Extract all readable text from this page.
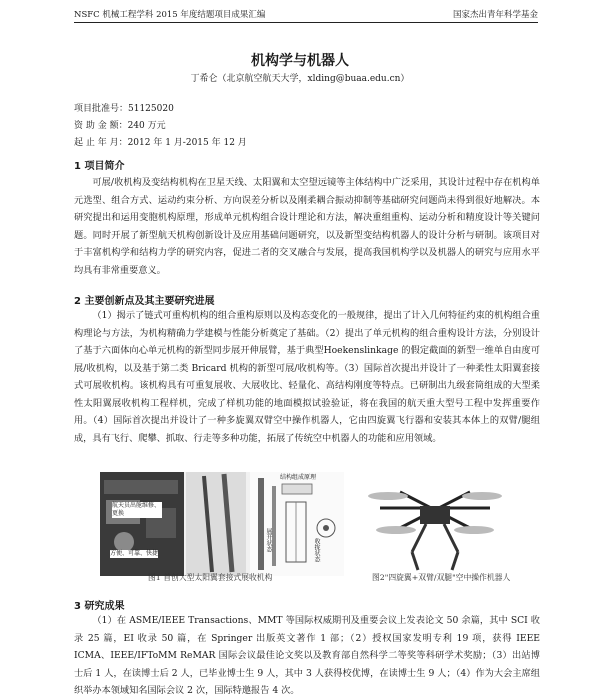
NSFC 机械工程学科 2015 年度结题项目成果汇编	国家杰出青年科学基金
机构学与机器人
丁希仑（北京航空航天大学，xlding@buaa.edu.cn）
项目批准号：51125020
资 助 金 额：240 万元
起 止 年 月：2012 年 1 月-2015 年 12 月
1 项目简介

可展/收机构及变结构机构在卫星天线、太阳翼和太空望远镜等主体结构中广泛采用，其设计过程中存在机构单元选型、组合方式、运动约束分析、方向误差分析以及刚柔耦合振动抑制等基础研究问题尚未得到很好地解决。本研究提出和运用变胞机构原理，形成单元机构组合设计理论和方法，解决重组重构、运动分析和精度设计等关键问题。同时开展了新型航天机构创新设计及应用基础问题研究，以及新型变结构机器人的设计分析与研制。该项目对于丰富机构学和结构力学的研究内容，促进二者的交叉融合与发展，提高我国机构学以及机器人的研究与应用水平均具有非常重要意义。

2 主要创新点及其主要研究进展

（1）揭示了链式可重构机构的组合重构原则以及构态变化的一般规律，提出了计入几何特征约束的机构组合重构理论与方法，为机构精确力学建模与性能分析奠定了基础。（2）提出了单元机构的组合重构设计方法，分别设计了基于六面体向心单元机构的新型同步展开伸展臂，基于典型Hoekenslinkage 的假定截面的新型一维单自由度可展/收机构，以及基于第二类 Bricard 机构的新型可展/收机构等。（3）国际首次提出并设计了一种柔性太阳翼套接式可展收机构。该机构具有可重复展收、大展收比、轻量化、高结构刚度等特点。已研制出九级套筒组成的大型柔性太阳翼展收机构工程样机，完成了样机功能的地面模拟试验验证，将在我国的航天重大型号工程中发挥重要作用。（4）国际首次提出并设计了一种多旋翼双臂空中操作机器人，它由四旋翼飞行器和安装其本体上的双臂/腿组成，具有飞行、爬攀、抓取、行走等多种功能，拓展了传统空中机器人的功能和应用领域。

航天员出舱维修、更换
方便、可靠、快捷
展开状态	收拢状态
结构组成原理
图1 首创大型太阳翼套接式展收机构	图2"四旋翼+双臂/双腿"空中操作机器人
3 研究成果

（1）在 ASME/IEEE Transactions、MMT 等国际权威期刊及重要会议上发表论文 50 余篇，其中 SCI 收录 25 篇，EI 收录 50 篇，在 Springer 出版英文著作 1 部；（2）授权国家发明专利 19 项，获得 IEEE ICMA、IEEE/IFToMM ReMAR 国际会议最佳论文奖以及教育部自然科学二等奖等科研学术奖励；（3）出站博士后 1 人，在读博士后 2 人，已毕业博士生 9 人，其中 3 人获得校优博，在读博士生 9 人；（4）作为大会主席组织举办本领域知名国际会议 2 次，国际特邀报告 4 次。
